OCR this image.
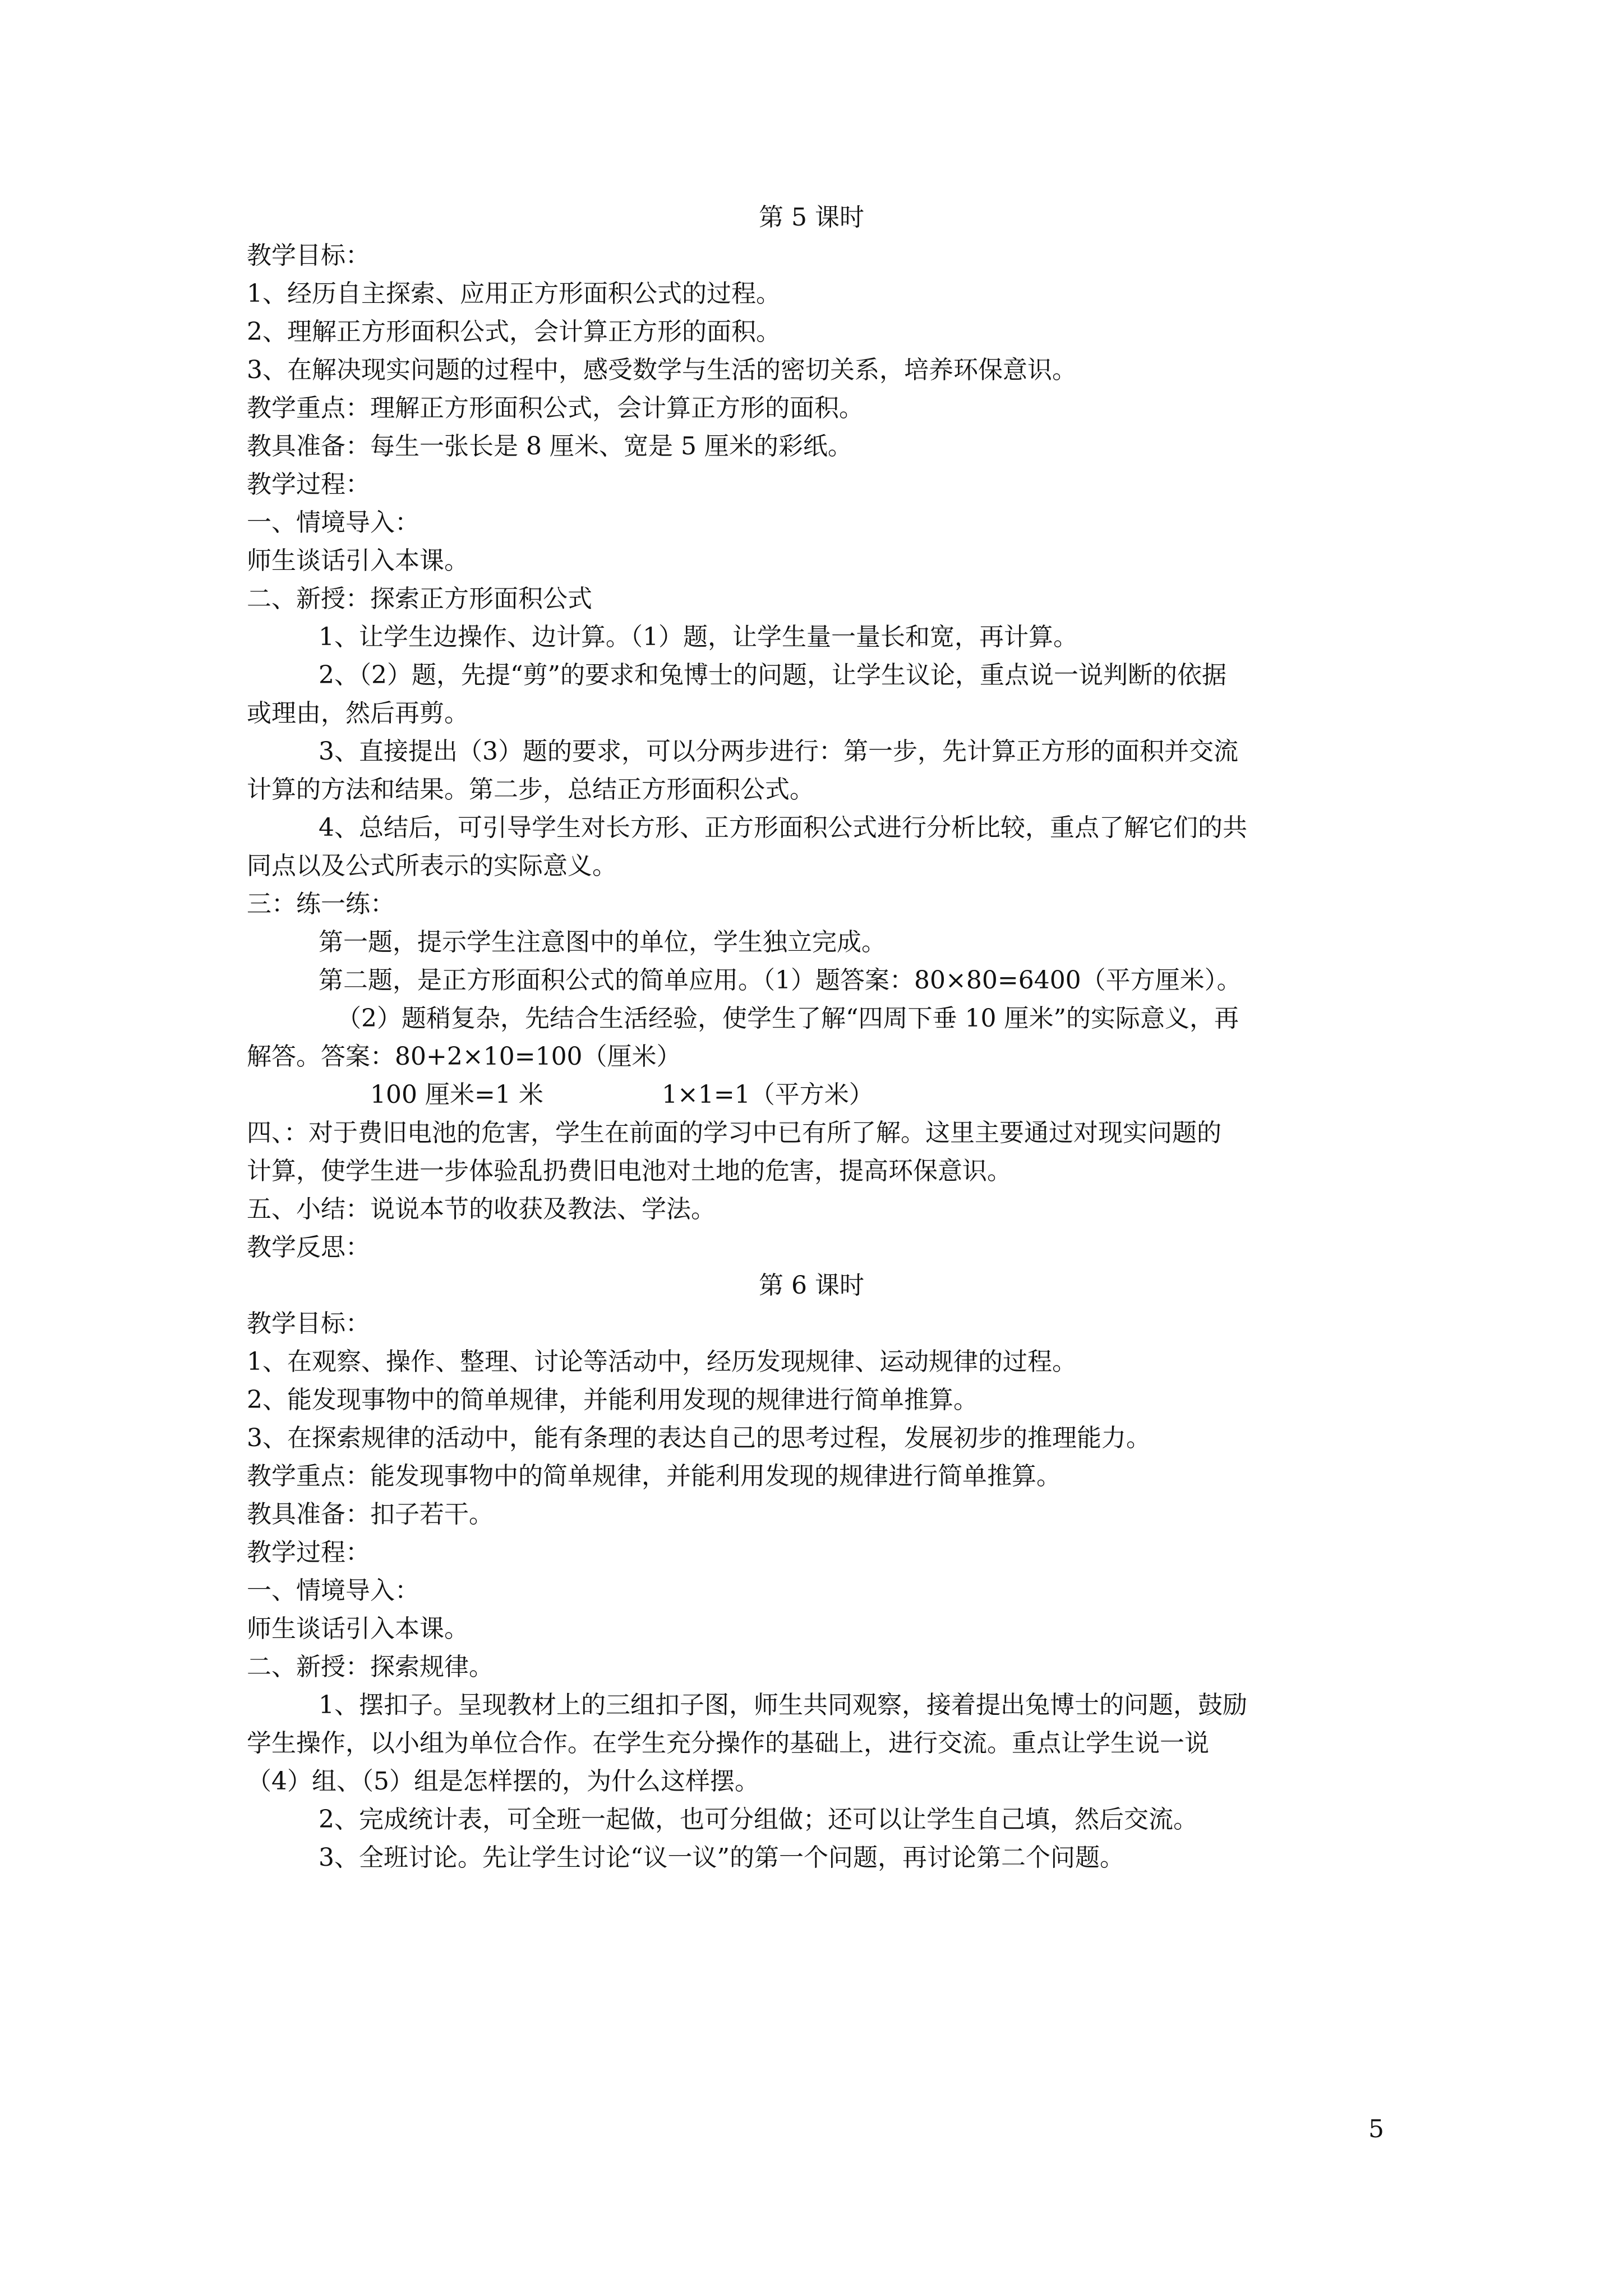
第 5 课时
教学目标：
1、经历自主探索、应用正方形面积公式的过程。
2、理解正方形面积公式，会计算正方形的面积。
3、在解决现实问题的过程中，感受数学与生活的密切关系，培养环保意识。
教学重点：理解正方形面积公式，会计算正方形的面积。
教具准备：每生一张长是 8 厘米、宽是 5 厘米的彩纸。
教学过程：
一、情境导入：
师生谈话引入本课。
二、新授：探索正方形面积公式
1、让学生边操作、边计算。（1）题，让学生量一量长和宽，再计算。
2、（2）题，先提“剪”的要求和兔博士的问题，让学生议论，重点说一说判断的依据
或理由，然后再剪。
3、直接提出（3）题的要求，可以分两步进行：第一步，先计算正方形的面积并交流
计算的方法和结果。第二步，总结正方形面积公式。
4、总结后，可引导学生对长方形、正方形面积公式进行分析比较，重点了解它们的共
同点以及公式所表示的实际意义。
三：练一练：
第一题，提示学生注意图中的单位，学生独立完成。
第二题，是正方形面积公式的简单应用。（1）题答案：80×80=6400（平方厘米）。
（2）题稍复杂，先结合生活经验，使学生了解“四周下垂 10 厘米”的实际意义，再
解答。答案：80+2×10=100（厘米）
100 厘米=1 米	1×1=1（平方米）
四、：对于费旧电池的危害，学生在前面的学习中已有所了解。这里主要通过对现实问题的
计算，使学生进一步体验乱扔费旧电池对土地的危害，提高环保意识。
五、小结：说说本节的收获及教法、学法。
教学反思：
第 6 课时
教学目标：
1、在观察、操作、整理、讨论等活动中，经历发现规律、运动规律的过程。
2、能发现事物中的简单规律，并能利用发现的规律进行简单推算。
3、在探索规律的活动中，能有条理的表达自己的思考过程，发展初步的推理能力。
教学重点：能发现事物中的简单规律，并能利用发现的规律进行简单推算。
教具准备：扣子若干。
教学过程：
一、情境导入：
师生谈话引入本课。
二、新授：探索规律。
1、摆扣子。呈现教材上的三组扣子图，师生共同观察，接着提出兔博士的问题，鼓励
学生操作，以小组为单位合作。在学生充分操作的基础上，进行交流。重点让学生说一说
（4）组、（5）组是怎样摆的，为什么这样摆。
2、完成统计表，可全班一起做，也可分组做；还可以让学生自己填，然后交流。
3、全班讨论。先让学生讨论“议一议”的第一个问题，再讨论第二个问题。
5
